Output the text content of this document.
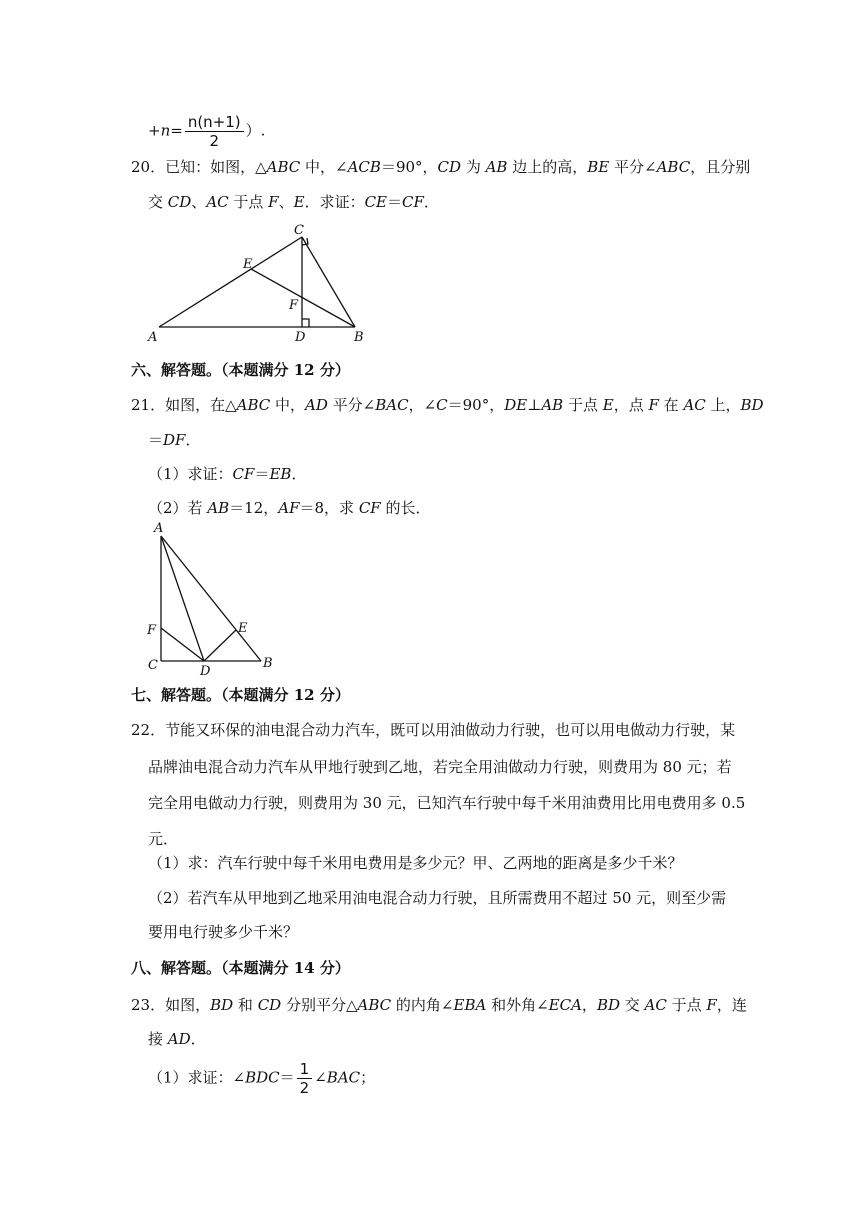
$+n= \frac{n(n+1)}{2}$ ）.
20．已知：如图，△ABC 中，∠ACB＝90°，CD 为 AB 边上的高，BE 平分∠ABC，且分别
交 CD、AC 于点 F、E．求证：CE＝CF．
C
E
F
A	D	B
六、解答题。（本题满分 12 分）
21．如图，在△ABC 中，AD 平分∠BAC，∠C＝90°，DE⊥AB 于点 E，点 F 在 AC 上，BD
＝DF．
（1）求证：CF＝EB．
（2）若 AB＝12，AF＝8，求 CF 的长．
A
F	E
C	D
B
七、解答题。（本题满分 12 分）
22．节能又环保的油电混合动力汽车，既可以用油做动力行驶，也可以用电做动力行驶，某
品牌油电混合动力汽车从甲地行驶到乙地，若完全用油做动力行驶，则费用为 80 元；若
完全用电做动力行驶，则费用为 30 元，已知汽车行驶中每千米用油费用比用电费用多 0.5
元．
（1）求：汽车行驶中每千米用电费用是多少元？甲、乙两地的距离是多少千米？
（2）若汽车从甲地到乙地采用油电混合动力行驶，且所需费用不超过 50 元，则至少需
要用电行驶多少千米？
八、解答题。（本题满分 14 分）
23．如图，BD 和 CD 分别平分△ABC 的内角∠EBA 和外角∠ECA，BD 交 AC 于点 F，连
接 AD．
（1）求证：∠BDC＝ $\frac{1}{2}$ ∠BAC；
